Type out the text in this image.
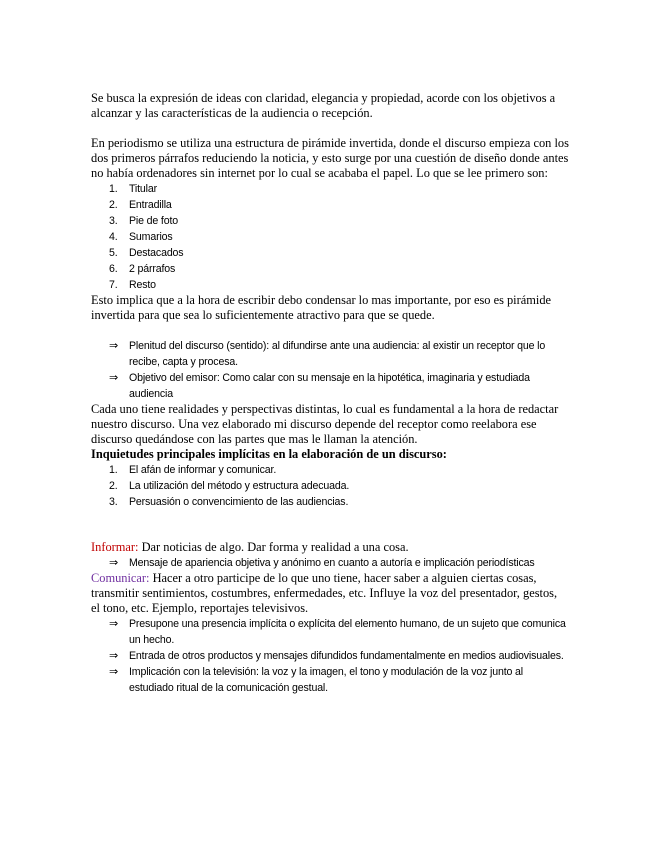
Se busca la expresión de ideas con claridad, elegancia y propiedad, acorde con los objetivos a alcanzar y las características de la audiencia o recepción.

En periodismo se utiliza una estructura de pirámide invertida, donde el discurso empieza con los dos primeros párrafos reduciendo la noticia, y esto surge por una cuestión de diseño donde antes no había ordenadores sin internet por lo cual se acababa el papel. Lo que se lee primero son:

1.	Titular
2.	Entradilla
3.	Pie de foto
4.	Sumarios
5.	Destacados
6.	2 párrafos
7.	Resto

Esto implica que a la hora de escribir debo condensar lo mas importante, por eso es pirámide invertida para que sea lo suficientemente atractivo para que se quede.

⇒ Plenitud del discurso (sentido): al difundirse ante una audiencia: al existir un receptor que lo recibe, capta y procesa.
⇒ Objetivo del emisor: Como calar con su mensaje en la hipotética, imaginaria y estudiada audiencia

Cada uno tiene realidades y perspectivas distintas, lo cual es fundamental a la hora de redactar nuestro discurso. Una vez elaborado mi discurso depende del receptor como reelabora ese discurso quedándose con las partes que mas le llaman la atención.

Inquietudes principales implícitas en la elaboración de un discurso:

1.	El afán de informar y comunicar.
2.	La utilización del método y estructura adecuada.
3.	Persuasión o convencimiento de las audiencias.

Informar: Dar noticias de algo. Dar forma y realidad a una cosa.

⇒ Mensaje de apariencia objetiva y anónimo en cuanto a autoría e implicación periodísticas

Comunicar: Hacer a otro participe de lo que uno tiene, hacer saber a alguien ciertas cosas, transmitir sentimientos, costumbres, enfermedades, etc. Influye la voz del presentador, gestos, el tono, etc. Ejemplo, reportajes televisivos.

⇒ Presupone una presencia implícita o explícita del elemento humano, de un sujeto que comunica un hecho.
⇒ Entrada de otros productos y mensajes difundidos fundamentalmente en medios audiovisuales.
⇒ Implicación con la televisión: la voz y la imagen, el tono y modulación de la voz junto al estudiado ritual de la comunicación gestual.
